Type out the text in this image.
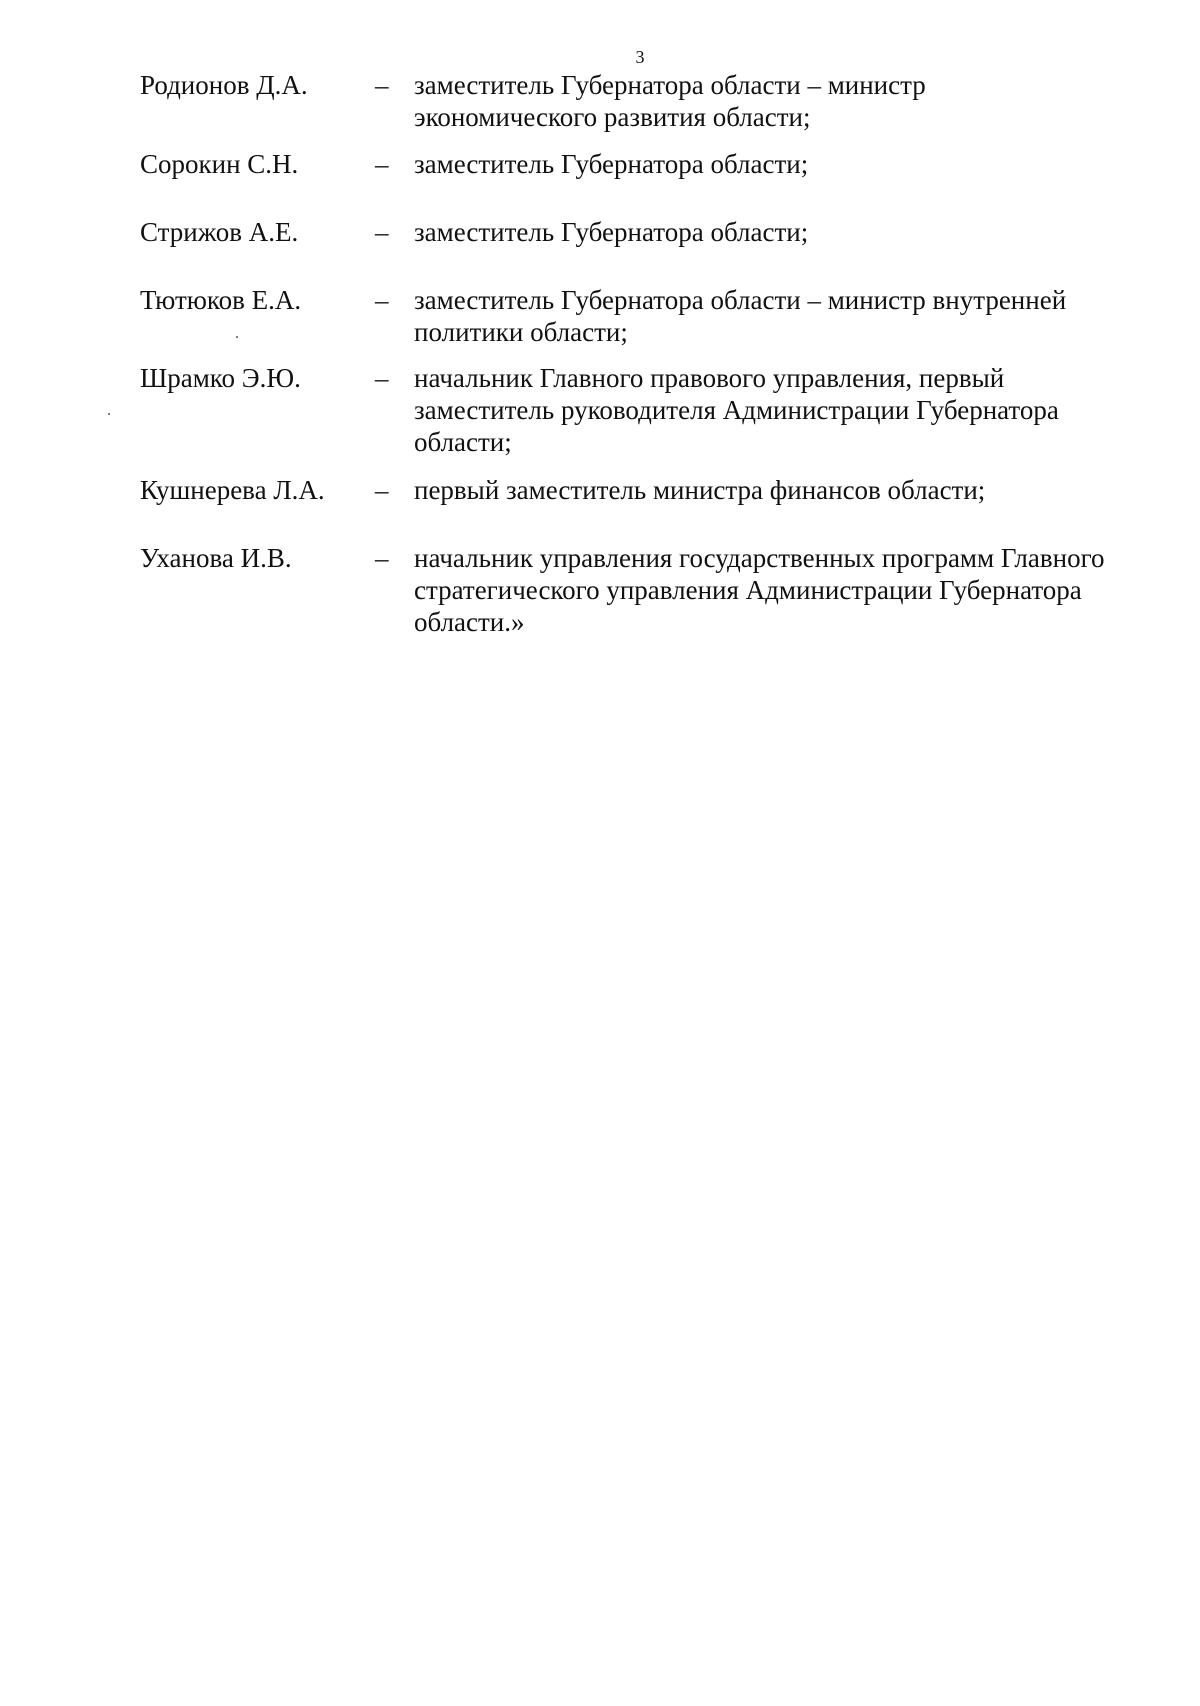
3
Родионов Д.А. – заместитель Губернатора области – министр экономического развития области;
Сорокин С.Н.	– заместитель Губернатора области;
Стрижов А.Е.	– заместитель Губернатора области;
Тютюков Е.А.	– заместитель Губернатора области – министр внутренней политики области;
Шрамко Э.Ю.	– начальник Главного правового управления, первый заместитель руководителя Администрации Губернатора области;
Кушнерева Л.А. – первый заместитель министра финансов области;
Уханова И.В.	– начальник управления государственных программ Главного стратегического управления Администрации Губернатора области.»
